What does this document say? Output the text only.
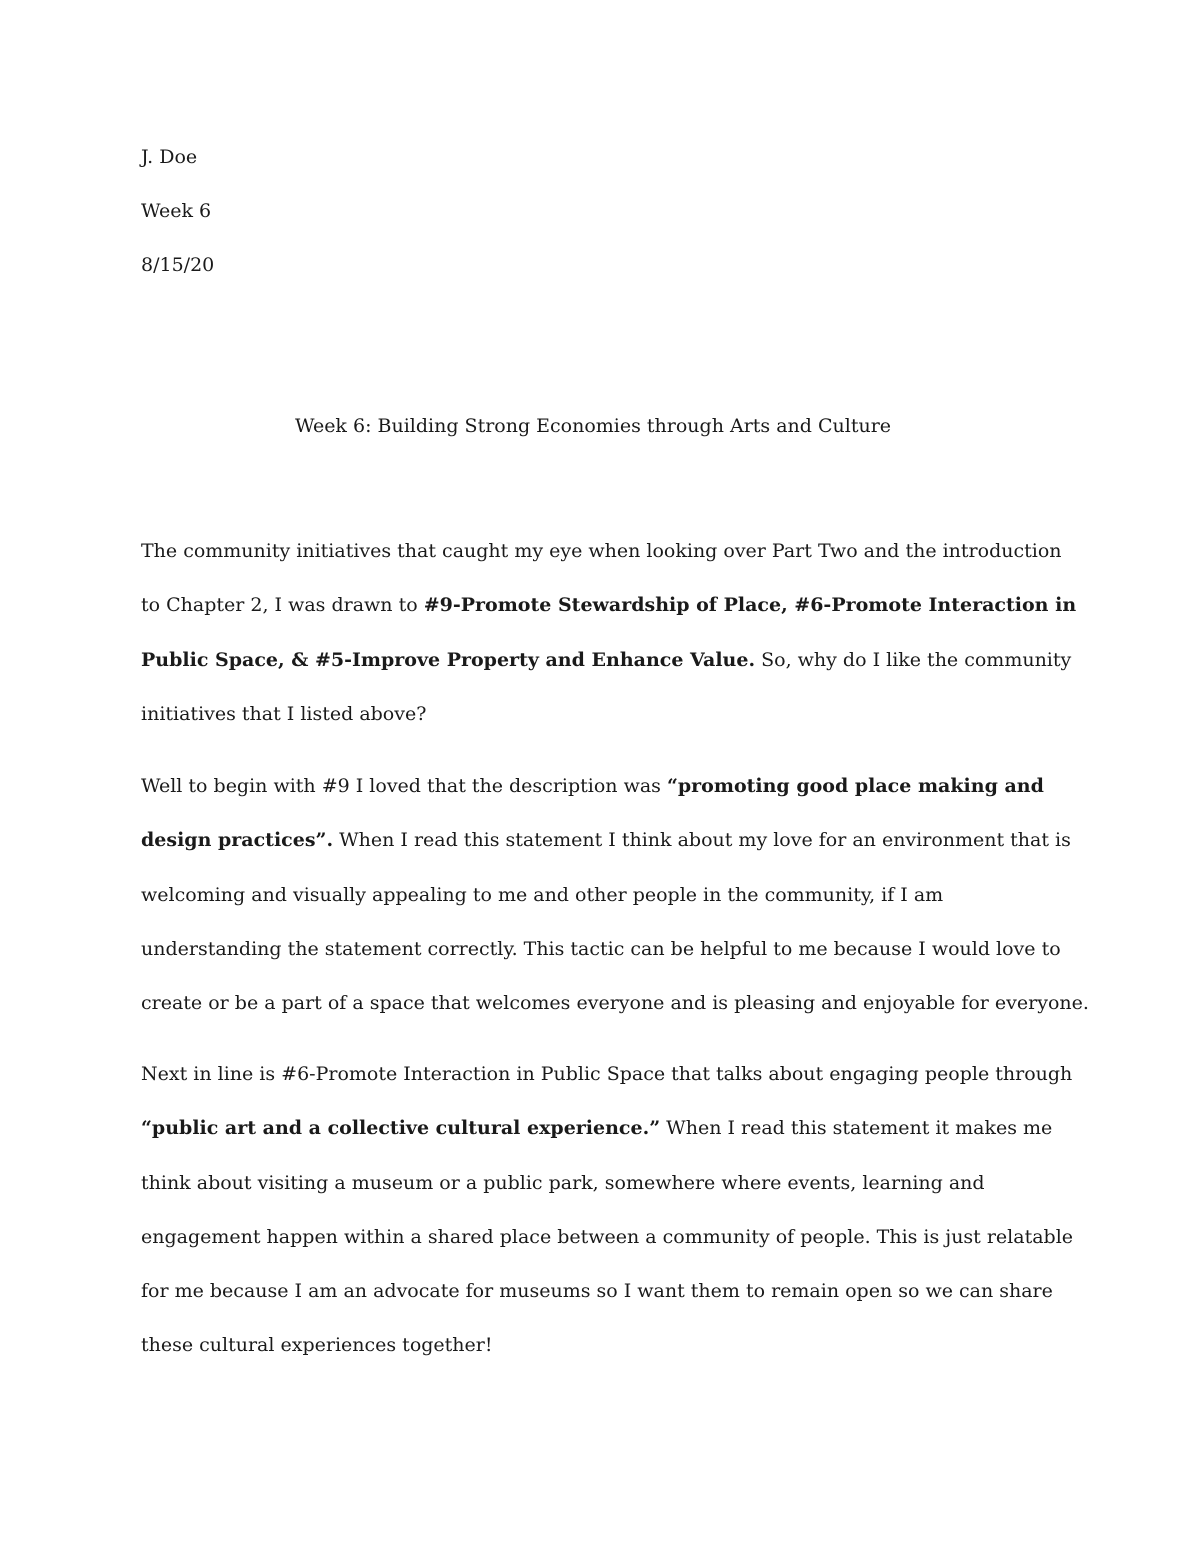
J. Doe
Week 6
8/15/20
Week 6: Building Strong Economies through Arts and Culture
The community initiatives that caught my eye when looking over Part Two and the introduction
to Chapter 2, I was drawn to #9-Promote Stewardship of Place, #6-Promote Interaction in
Public Space, & #5-Improve Property and Enhance Value. So, why do I like the community
initiatives that I listed above?
Well to begin with #9 I loved that the description was “promoting good place making and
design practices”. When I read this statement I think about my love for an environment that is
welcoming and visually appealing to me and other people in the community, if I am
understanding the statement correctly. This tactic can be helpful to me because I would love to
create or be a part of a space that welcomes everyone and is pleasing and enjoyable for everyone.
Next in line is #6-Promote Interaction in Public Space that talks about engaging people through
“public art and a collective cultural experience.” When I read this statement it makes me
think about visiting a museum or a public park, somewhere where events, learning and
engagement happen within a shared place between a community of people. This is just relatable
for me because I am an advocate for museums so I want them to remain open so we can share
these cultural experiences together!
